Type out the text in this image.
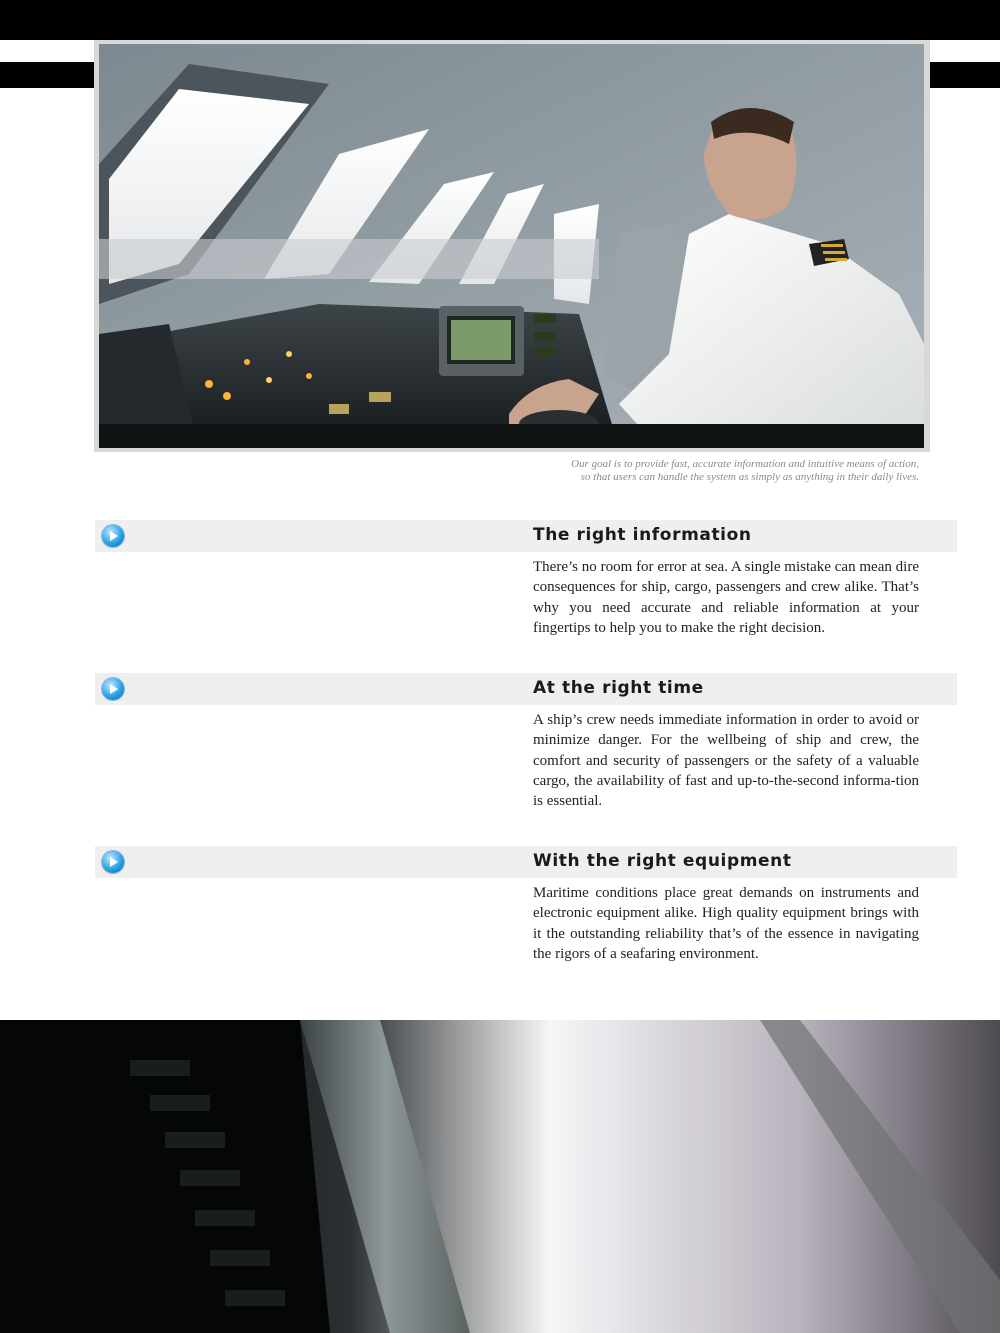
Our goal is to provide fast, accurate information and intuitive means of action,
so that users can handle the system as simply as anything in their daily lives.
The right information

There’s no room for error at sea. A single mistake can mean dire consequences for ship, cargo, passengers and crew alike. That’s why you need accurate and reliable information at your fingertips to help you to make the right decision.

At the right time

A ship’s crew needs immediate information in order to avoid or minimize danger. For the wellbeing of ship and crew, the comfort and security of passengers or the safety of a valuable cargo, the availability of fast and up-to-the-second informa-tion is essential.

With the right equipment

Maritime conditions place great demands on instruments and electronic equipment alike. High quality equipment brings with it the outstanding reliability that’s of the essence in navigating the rigors of a seafaring environment.
